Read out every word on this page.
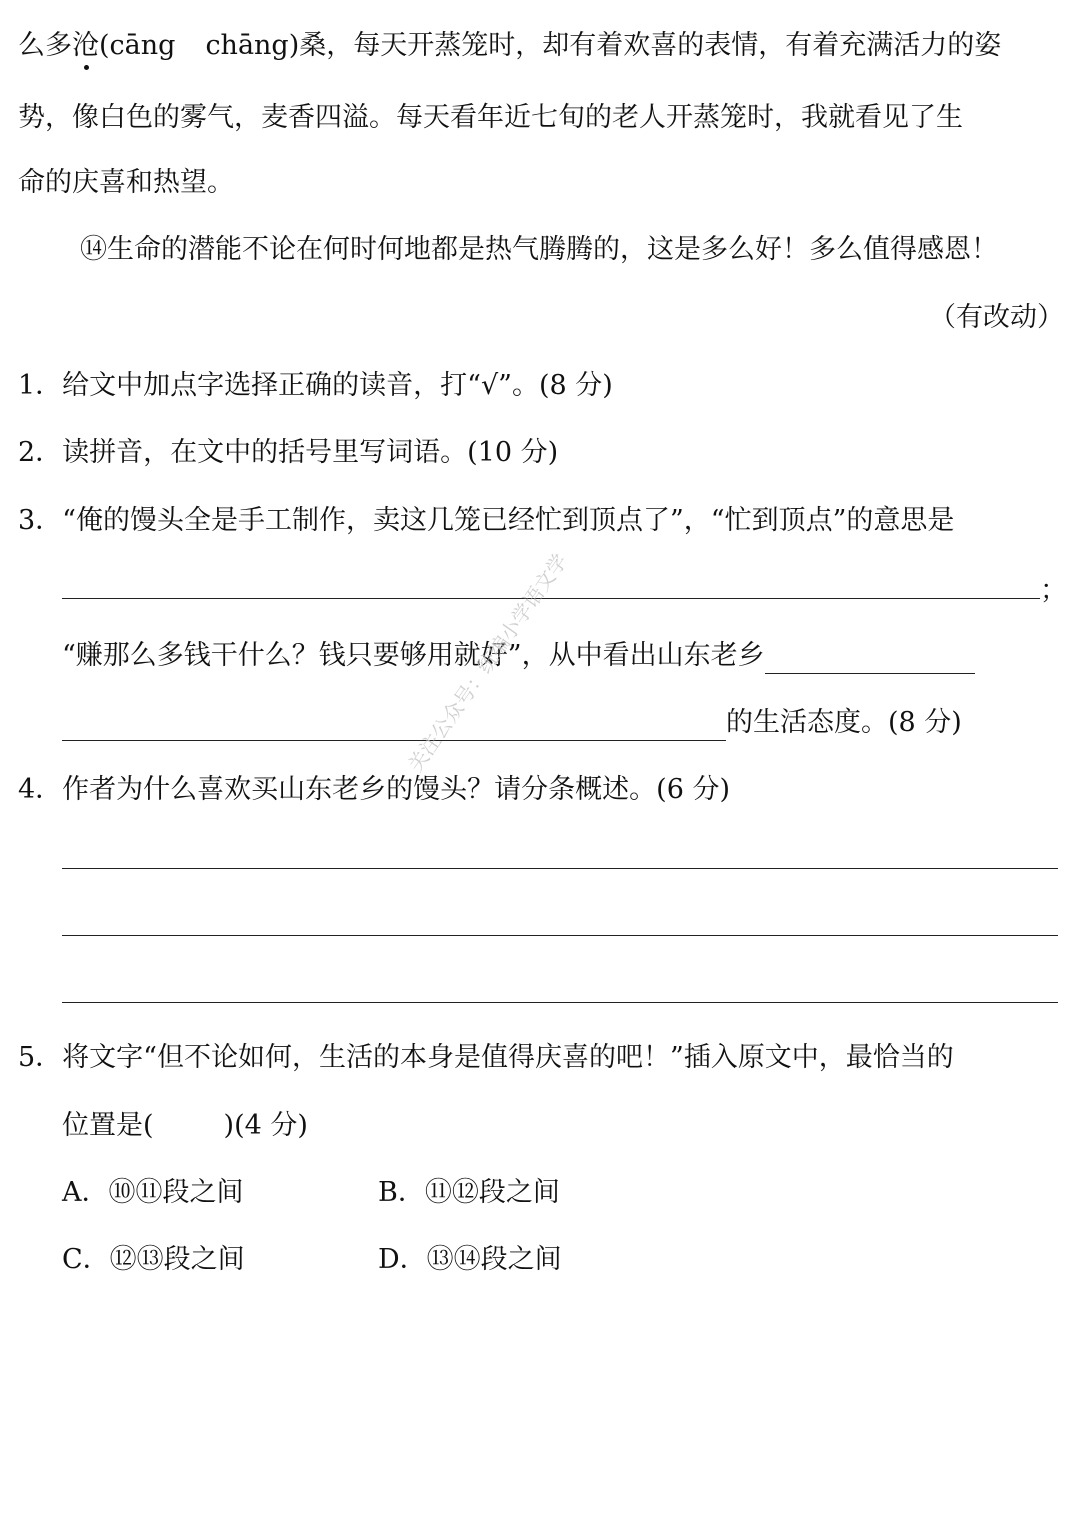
么多沧(cāng chāng)桑，每天开蒸笼时，却有着欢喜的表情，有着充满活力的姿
势，像白色的雾气，麦香四溢。每天看年近七旬的老人开蒸笼时，我就看见了生
命的庆喜和热望。
⑭生命的潜能不论在何时何地都是热气腾腾的，这是多么好！多么值得感恩！
（有改动）
1．给文中加点字选择正确的读音，打“√”。(8 分)
2．读拼音，在文中的括号里写词语。(10 分)
3．“俺的馒头全是手工制作，卖这几笼已经忙到顶点了”，“忙到顶点”的意思是
；
“赚那么多钱干什么？钱只要够用就好”，从中看出山东老乡
的生活态度。(8 分)
4．作者为什么喜欢买山东老乡的馒头？请分条概述。(6 分)
5．将文字“但不论如何，生活的本身是值得庆喜的吧！”插入原文中，最恰当的
位置是(	)(4 分)
A．⑩⑪段之间	B．⑪⑫段之间
C．⑫⑬段之间	D．⑬⑭段之间
关注公众号：统编小学语文学
